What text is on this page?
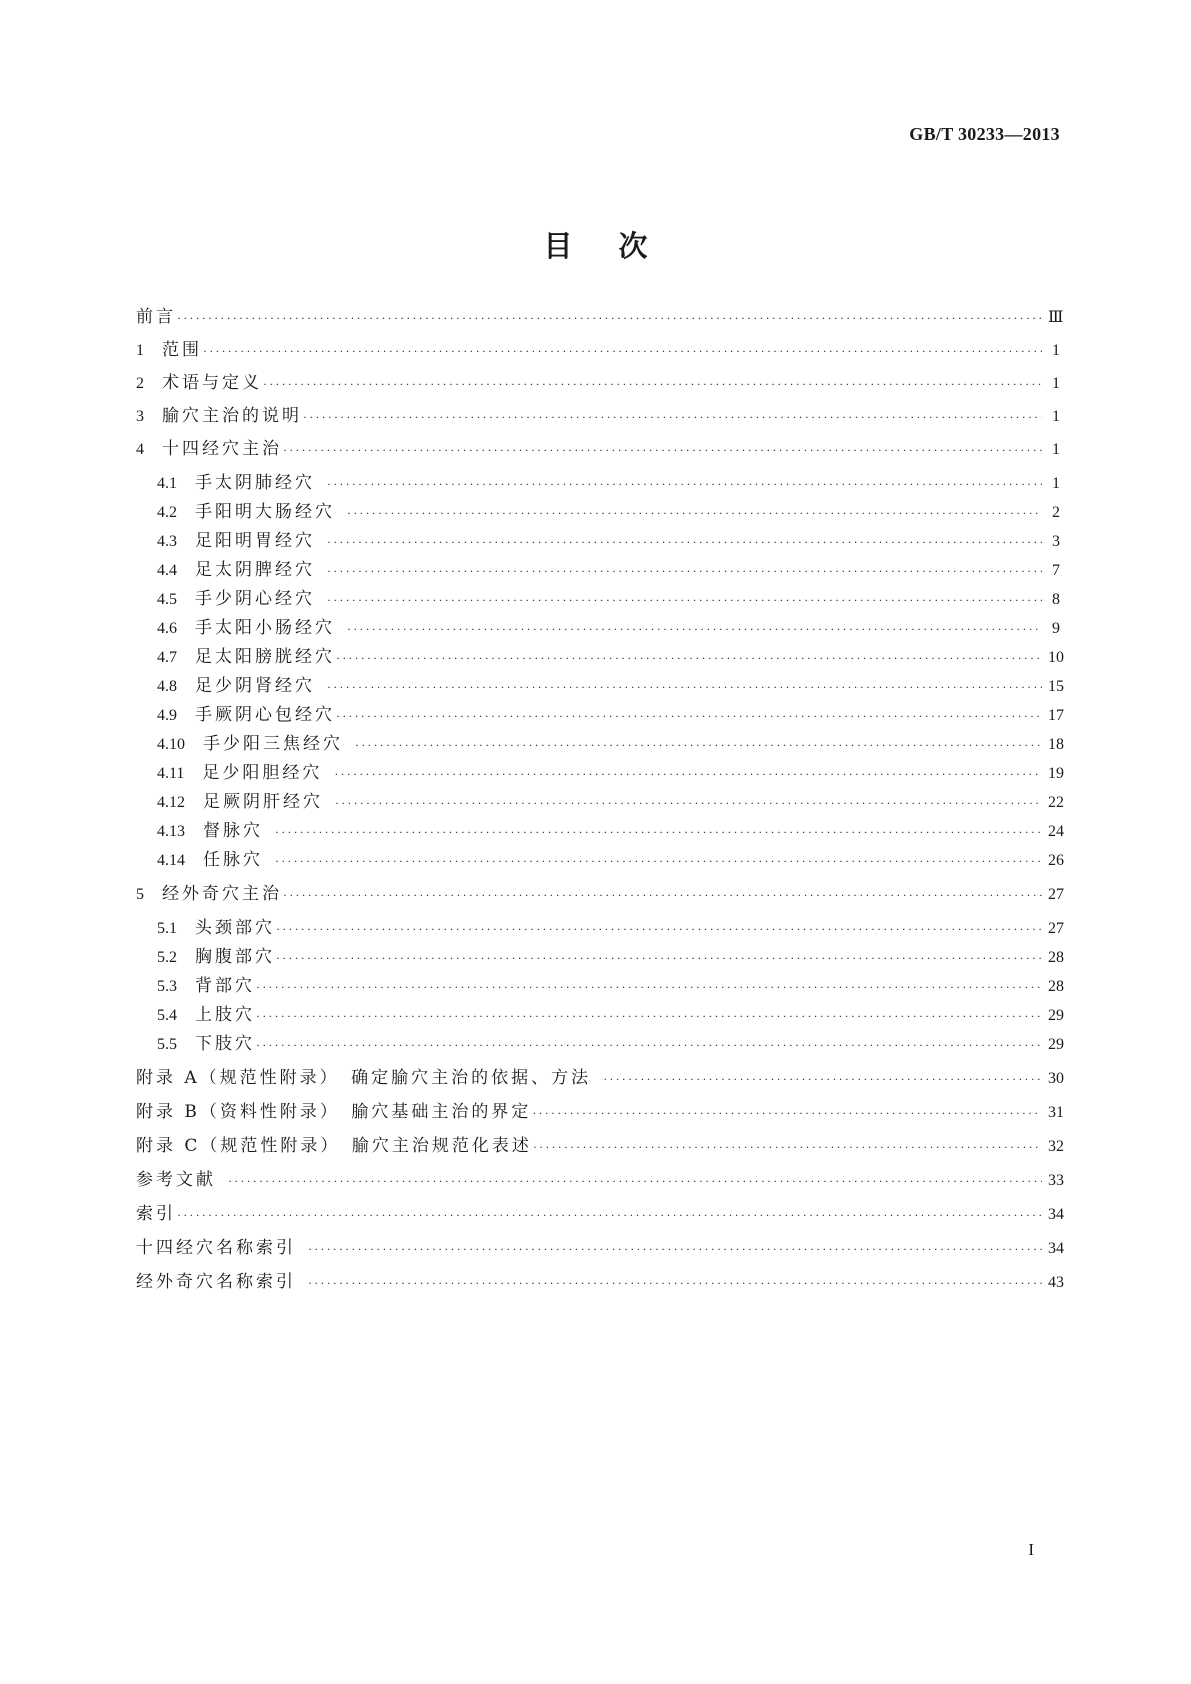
GB/T 30233—2013
目次
前言 ·····	Ⅲ
1 范围 ·····	1
2 术语与定义 ·····	1
3 腧穴主治的说明 ·····	1
4 十四经穴主治 ·····	1
4.1 手太阴肺经穴 ·····	1
4.2 手阳明大肠经穴 ·····	2
4.3 足阳明胃经穴 ·····	3
4.4 足太阴脾经穴 ·····	7
4.5 手少阴心经穴 ·····	8
4.6 手太阳小肠经穴 ·····	9
4.7 足太阳膀胱经穴 ·····	10
4.8 足少阴肾经穴 ·····	15
4.9 手厥阴心包经穴 ·····	17
4.10 手少阳三焦经穴 ·····	18
4.11 足少阳胆经穴 ·····	19
4.12 足厥阴肝经穴 ·····	22
4.13 督脉穴 ·····	24
4.14 任脉穴 ·····	26
5 经外奇穴主治 ·····	27
5.1 头颈部穴 ·····	27
5.2 胸腹部穴 ·····	28
5.3 背部穴 ·····	28
5.4 上肢穴 ·····	29
5.5 下肢穴 ·····	29
附录 A（规范性附录）　确定腧穴主治的依据、方法 ·····	30
附录 B（资料性附录）　腧穴基础主治的界定 ·····	31
附录 C（规范性附录）　腧穴主治规范化表述 ·····	32
参考文献 ·····	33
索引 ·····	34
十四经穴名称索引 ·····	34
经外奇穴名称索引 ·····	43
I
